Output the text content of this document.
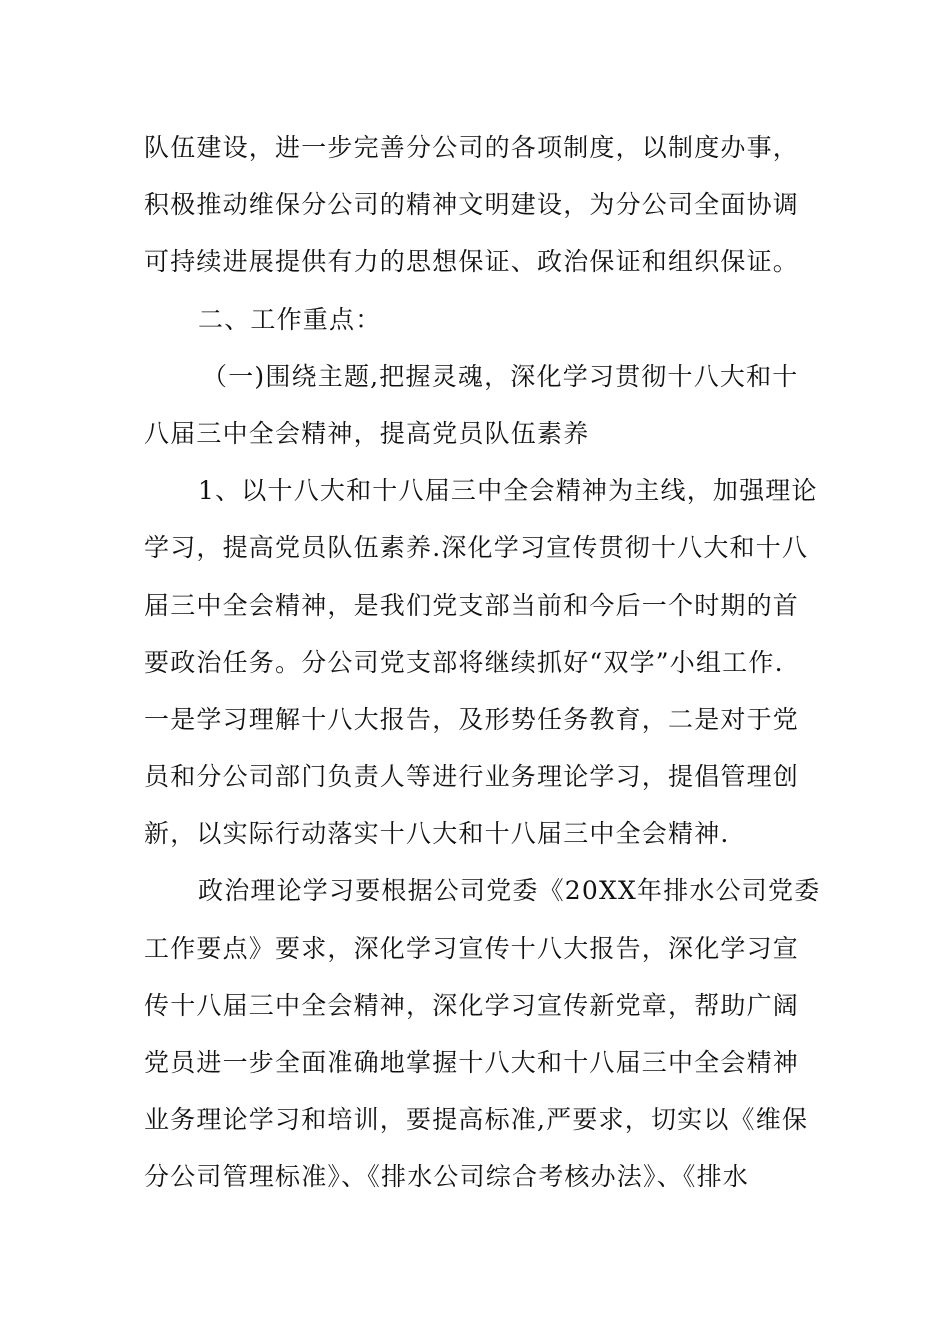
队伍建设，进一步完善分公司的各项制度，以制度办事，
积极推动维保分公司的精神文明建设，为分公司全面协调
可持续进展提供有力的思想保证、政治保证和组织保证。
二、工作重点：
（一)围绕主题,把握灵魂，深化学习贯彻十八大和十
八届三中全会精神，提高党员队伍素养
1、以十八大和十八届三中全会精神为主线，加强理论
学习，提高党员队伍素养.深化学习宣传贯彻十八大和十八
届三中全会精神，是我们党支部当前和今后一个时期的首
要政治任务。分公司党支部将继续抓好“双学”小组工作.
一是学习理解十八大报告，及形势任务教育，二是对于党
员和分公司部门负责人等进行业务理论学习，提倡管理创
新，以实际行动落实十八大和十八届三中全会精神.
政治理论学习要根据公司党委《20XX年排水公司党委
工作要点》要求，深化学习宣传十八大报告，深化学习宣
传十八届三中全会精神，深化学习宣传新党章，帮助广阔
党员进一步全面准确地掌握十八大和十八届三中全会精神
业务理论学习和培训，要提高标准,严要求，切实以《维保
分公司管理标准》、《排水公司综合考核办法》、《排水
